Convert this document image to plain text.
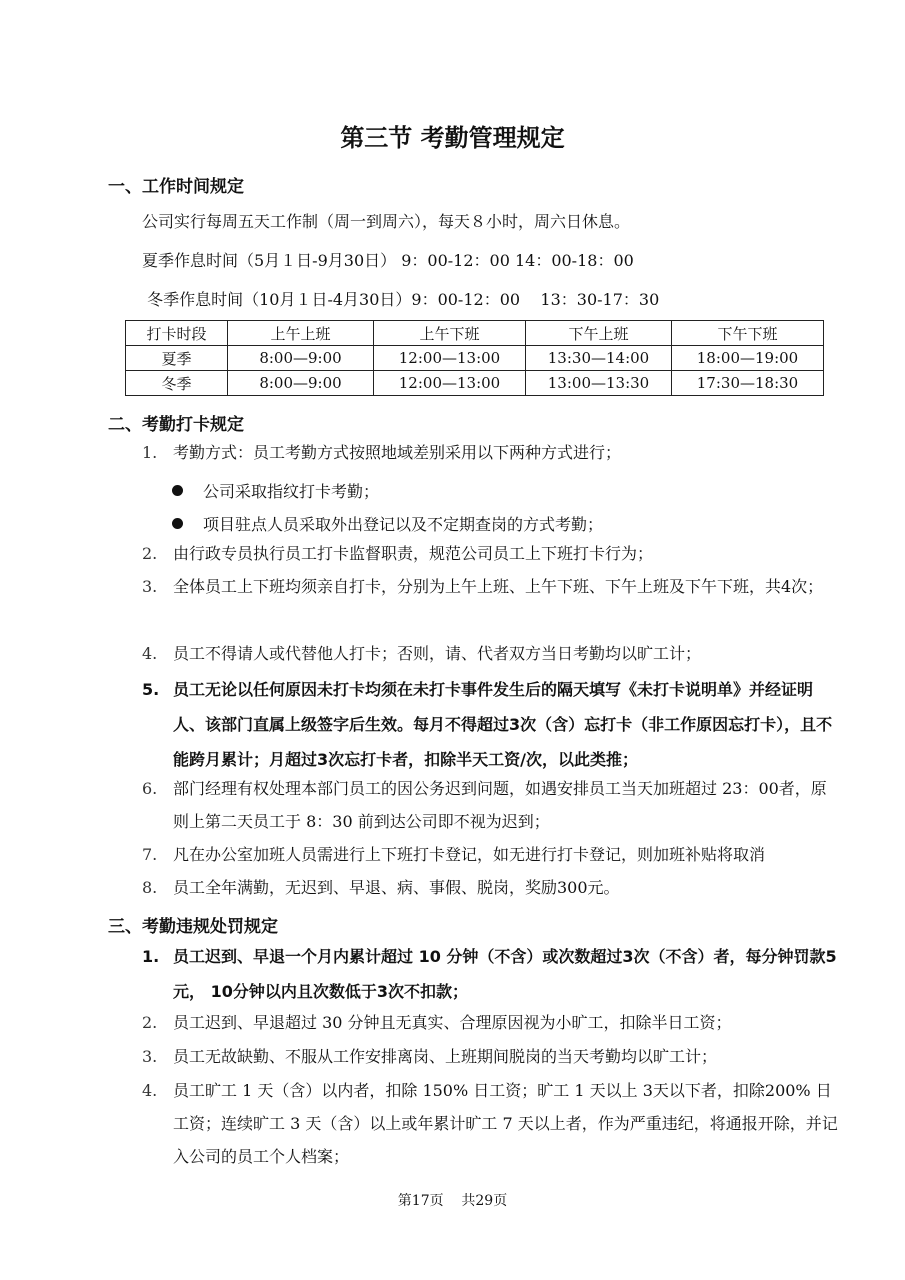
第三节 考勤管理规定
一、工作时间规定
公司实行每周五天工作制（周一到周六），每天８小时，周六日休息。
夏季作息时间（5月１日-9月30日） 9：00-12：00 14：00-18：00
冬季作息时间（10月１日-4月30日）9：00-12：00    13：30-17：30
打卡时段	上午上班	上午下班	下午上班	下午下班
夏季	8:00—9:00	12:00—13:00	13:30—14:00	18:00—19:00
冬季	8:00—9:00	12:00—13:00	13:00—13:30	17:30—18:30
二、考勤打卡规定
1. 考勤方式：员工考勤方式按照地域差别采用以下两种方式进行；
公司采取指纹打卡考勤；
项目驻点人员采取外出登记以及不定期查岗的方式考勤；
2. 由行政专员执行员工打卡监督职责，规范公司员工上下班打卡行为；
3. 全体员工上下班均须亲自打卡，分别为上午上班、上午下班、下午上班及下午下班，共4次；
4. 员工不得请人或代替他人打卡；否则，请、代者双方当日考勤均以旷工计；
5. 员工无论以任何原因未打卡均须在未打卡事件发生后的隔天填写《未打卡说明单》并经证明人、该部门直属上级签字后生效。每月不得超过3次（含）忘打卡（非工作原因忘打卡），且不能跨月累计；月超过3次忘打卡者，扣除半天工资/次，以此类推；
6. 部门经理有权处理本部门员工的因公务迟到问题，如遇安排员工当天加班超过 23：00者，原则上第二天员工于 8：30 前到达公司即不视为迟到；
7. 凡在办公室加班人员需进行上下班打卡登记，如无进行打卡登记，则加班补贴将取消
8. 员工全年满勤，无迟到、早退、病、事假、脱岗，奖励300元。
三、考勤违规处罚规定
1. 员工迟到、早退一个月内累计超过 10 分钟（不含）或次数超过3次（不含）者，每分钟罚款5元， 10分钟以内且次数低于3次不扣款；
2. 员工迟到、早退超过 30 分钟且无真实、合理原因视为小旷工，扣除半日工资；
3. 员工无故缺勤、不服从工作安排离岗、上班期间脱岗的当天考勤均以旷工计；
4. 员工旷工 1 天（含）以内者，扣除 150% 日工资；旷工 1 天以上 3天以下者，扣除200% 日工资；连续旷工 3 天（含）以上或年累计旷工 7 天以上者，作为严重违纪，将通报开除，并记入公司的员工个人档案；
第17页    共29页
